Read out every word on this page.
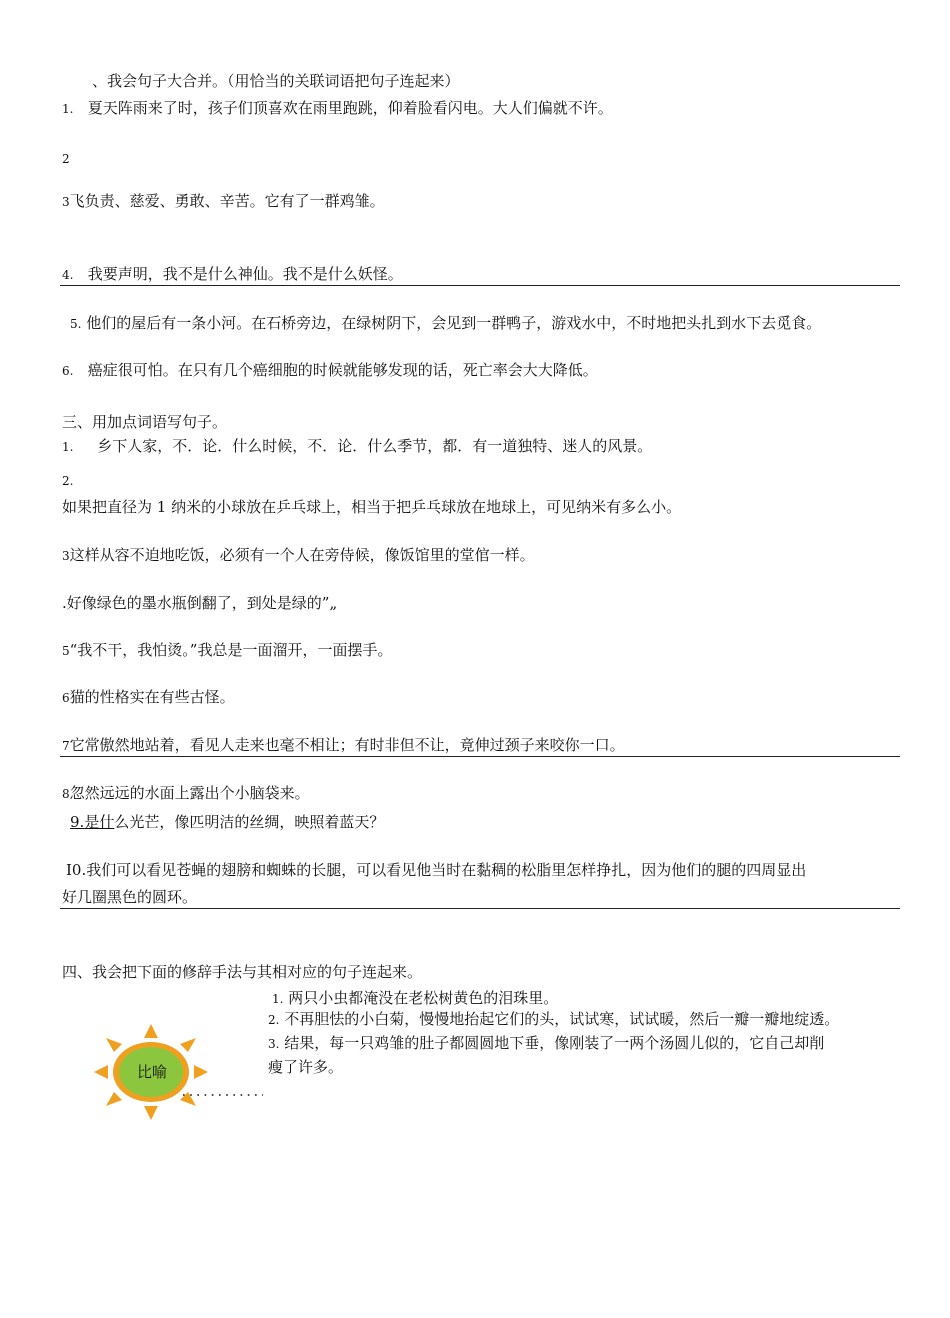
、我会句子大合并。（用恰当的关联词语把句子连起来）
1. 夏天阵雨来了时，孩子们顶喜欢在雨里跑跳，仰着脸看闪电。大人们偏就不许。
2
3飞负责、慈爱、勇敢、辛苦。它有了一群鸡雏。
4. 我要声明，我不是什么神仙。我不是什么妖怪。
5. 他们的屋后有一条小河。在石桥旁边，在绿树阴下，会见到一群鸭子，游戏水中，不时地把头扎到水下去觅食。
6. 癌症很可怕。在只有几个癌细胞的时候就能够发现的话，死亡率会大大降低。
三、用加点词语写句子。
1. 乡下人家，不．论．什么时候，不．论．什么季节，都．有一道独特、迷人的风景。
2.
如果把直径为 1 纳米的小球放在乒乓球上，相当于把乒乓球放在地球上，可见纳米有多么小。
3这样从容不迫地吃饭，必须有一个人在旁侍候，像饭馆里的堂倌一样。
.好像绿色的墨水瓶倒翻了，到处是绿的”„
5“我不干，我怕烫。”我总是一面溜开，一面摆手。
6猫的性格实在有些古怪。
7它常傲然地站着，看见人走来也毫不相让；有时非但不让，竟伸过颈子来咬你一口。
8忽然远远的水面上露出个小脑袋来。
9.是什么光芒，像匹明洁的丝绸，映照着蓝天？
I0.我们可以看见苍蝇的翅膀和蜘蛛的长腿，可以看见他当时在黏稠的松脂里怎样挣扎，因为他们的腿的四周显出
好几圈黑色的圆环。
四、我会把下面的修辞手法与其相对应的句子连起来。
1. 两只小虫都淹没在老松树黄色的泪珠里。
2. 不再胆怯的小白菊，慢慢地抬起它们的头，试试寒，试试暖，然后一瓣一瓣地绽透。
3. 结果，每一只鸡雏的肚子都圆圆地下垂，像刚装了一两个汤圆儿似的，它自己却削
瘦了许多。
比喻
